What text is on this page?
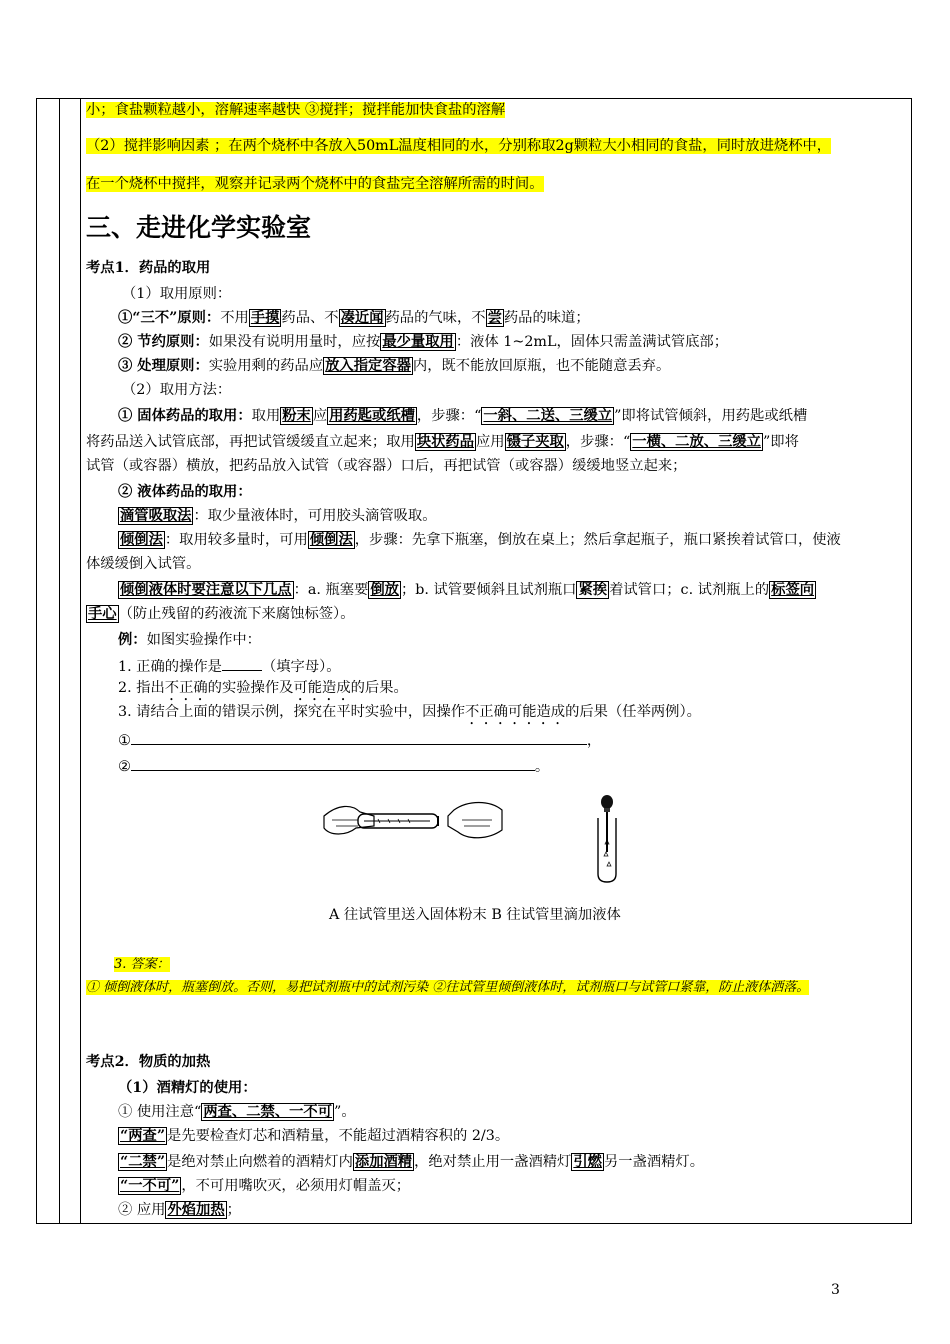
小；食盐颗粒越小，溶解速率越快 ③搅拌；搅拌能加快食盐的溶解
（2）搅拌影响因素 ；在两个烧杯中各放入50mL温度相同的水，分别称取2g颗粒大小相同的食盐，同时放进烧杯中，
在一个烧杯中搅拌，观察并记录两个烧杯中的食盐完全溶解所需的时间。
三、走进化学实验室
考点1．药品的取用
（1）取用原则：
①“三不”原则：不用 手摸 药品、不 凑近闻 药品的气味，不 尝 药品的味道；
② 节约原则：如果没有说明用量时，应按 最少量取用 ：液体 1~2mL，固体只需盖满试管底部；
③ 处理原则：实验用剩的药品应 放入指定容器 内，既不能放回原瓶，也不能随意丢弃。
（2）取用方法：
① 固体药品的取用：取用 粉末 应 用药匙或纸槽 ，步骤：“ 一斜、二送、三缓立 ”即将试管倾斜，用药匙或纸槽
将药品送入试管底部，再把试管缓缓直立起来；取用 块状药品 应用 镊子夹取 ，步骤：“ 一横、二放、三缓立 ”即将
试管（或容器）横放，把药品放入试管（或容器）口后，再把试管（或容器）缓缓地竖立起来；
② 液体药品的取用：
滴管吸取法 ：取少量液体时，可用胶头滴管吸取。
倾倒法 ：取用较多量时，可用 倾倒法 ，步骤：先拿下瓶塞，倒放在桌上；然后拿起瓶子，瓶口紧挨着试管口，使液
体缓缓倒入试管。
倾倒液体时要注意以下几点 ：a. 瓶塞要 倒放 ；b. 试管要倾斜且试剂瓶口 紧挨 着试管口；c. 试剂瓶上的 标签向
手心 （防止残留的药液流下来腐蚀标签）。
例：如图实验操作中：
1. 正确的操作是	（填字母）。
2. 指出不正确的实验操作及可能造成的后果。
3. 请结合上面的错误示例，探究在平时实验中，因操作不正确可能造成的后果（任举两例）。
①	，
②	。
A 往试管里送入固体粉末 B 往试管里滴加液体
3. 答案：
① 倾倒液体时，瓶塞倒放。否则，易把试剂瓶中的试剂污染 ②往试管里倾倒液体时，试剂瓶口与试管口紧靠，防止液体洒落。
考点2．物质的加热
（1）酒精灯的使用：
① 使用注意“ 两查、二禁、一不可 ”。
“两查” 是先要检查灯芯和酒精量，不能超过酒精容积的 2/3。
“二禁” 是绝对禁止向燃着的酒精灯内 添加酒精 ，绝对禁止用一盏酒精灯 引燃 另一盏酒精灯。
“一不可” ，不可用嘴吹灭，必须用灯帽盖灭；
② 应用 外焰加热 ；
3
